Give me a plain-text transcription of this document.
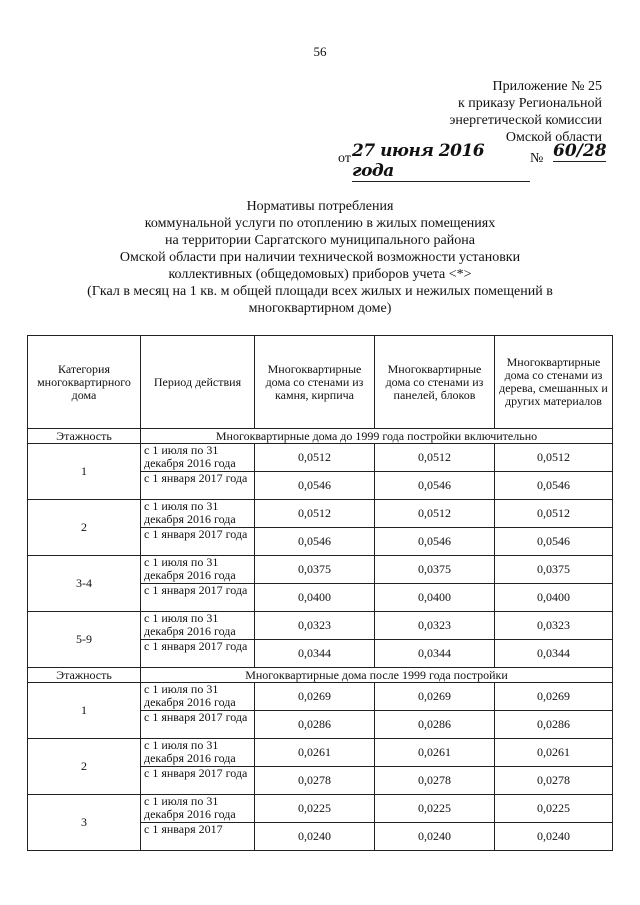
56
Приложение № 25
к приказу Региональной
энергетической комиссии
Омской области
от 27 июня 2016 года
№ 60/28
Нормативы потребления
коммунальной услуги по отоплению в жилых помещениях
на территории Саргатского муниципального района
Омской области при наличии технической возможности установки
коллективных (общедомовых) приборов учета <*>
(Гкал в месяц на 1 кв. м общей площади всех жилых и нежилых помещений в
многоквартирном доме)
Категория многоквартирного дома	Период действия	Многоквартирные дома со стенами из камня, кирпича	Многоквартирные дома со стенами из панелей, блоков	Многоквартирные дома со стенами из дерева, смешанных и других материалов
Этажность	Многоквартирные дома до 1999 года постройки включительно			
1	с 1 июля по 31 декабря 2016 года	0,0512	0,0512	0,0512
	с 1 января 2017 года	0,0546	0,0546	0,0546
2	с 1 июля по 31 декабря 2016 года	0,0512	0,0512	0,0512
	с 1 января 2017 года	0,0546	0,0546	0,0546
3-4	с 1 июля по 31 декабря 2016 года	0,0375	0,0375	0,0375
	с 1 января 2017 года	0,0400	0,0400	0,0400
5-9	с 1 июля по 31 декабря 2016 года	0,0323	0,0323	0,0323
	с 1 января 2017 года	0,0344	0,0344	0,0344
Этажность	Многоквартирные дома после 1999 года постройки			
1	с 1 июля по 31 декабря 2016 года	0,0269	0,0269	0,0269
	с 1 января 2017 года	0,0286	0,0286	0,0286
2	с 1 июля по 31 декабря 2016 года	0,0261	0,0261	0,0261
	с 1 января 2017 года	0,0278	0,0278	0,0278
3	с 1 июля по 31 декабря 2016 года	0,0225	0,0225	0,0225
	с 1 января 2017	0,0240	0,0240	0,0240
